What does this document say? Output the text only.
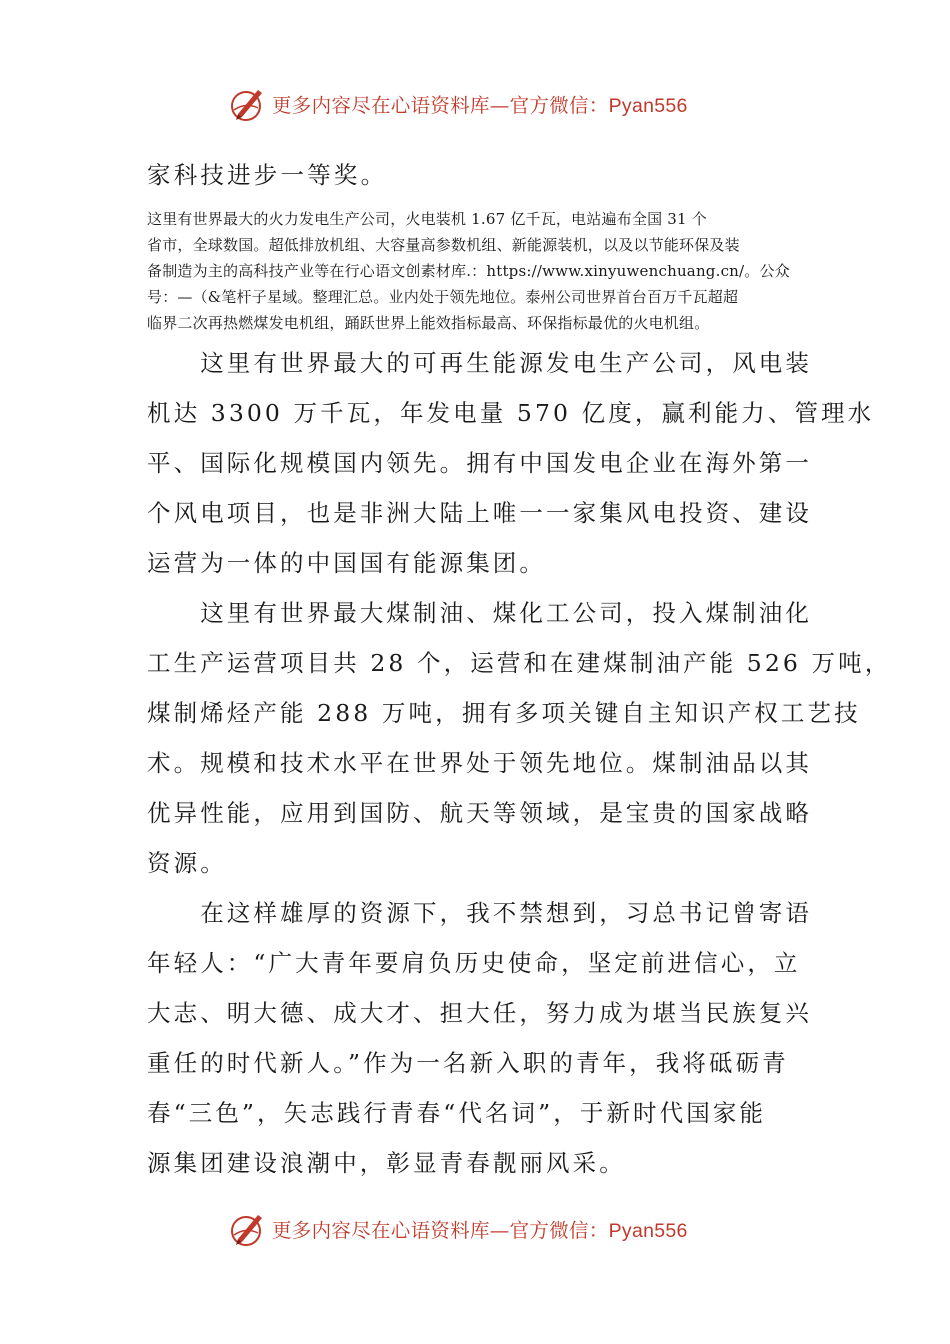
更多内容尽在心语资料库—官方微信：Pyan556

家科技进步一等奖。

这里有世界最大的火力发电生产公司，火电装机 1.67 亿千瓦，电站遍布全国 31 个
省市，全球数国。超低排放机组、大容量高参数机组、新能源装机，以及以节能环保及装
备制造为主的高科技产业等在行心语文创素材库.：https://www.xinyuwenchuang.cn/。公众
号：—（&笔杆子星域。整理汇总。业内处于领先地位。泰州公司世界首台百万千瓦超超
临界二次再热燃煤发电机组，踊跃世界上能效指标最高、环保指标最优的火电机组。

　　这里有世界最大的可再生能源发电生产公司，风电装
机达 3300 万千瓦，年发电量 570 亿度，赢利能力、管理水
平、国际化规模国内领先。拥有中国发电企业在海外第一
个风电项目，也是非洲大陆上唯一一家集风电投资、建设
运营为一体的中国国有能源集团。

　　这里有世界最大煤制油、煤化工公司，投入煤制油化
工生产运营项目共 28 个，运营和在建煤制油产能 526 万吨，
煤制烯烃产能 288 万吨，拥有多项关键自主知识产权工艺技
术。规模和技术水平在世界处于领先地位。煤制油品以其
优异性能，应用到国防、航天等领域，是宝贵的国家战略
资源。

　　在这样雄厚的资源下，我不禁想到，习总书记曾寄语
年轻人：“广大青年要肩负历史使命，坚定前进信心，立
大志、明大德、成大才、担大任，努力成为堪当民族复兴
重任的时代新人。”作为一名新入职的青年，我将砥砺青
春“三色”，矢志践行青春“代名词”，于新时代国家能
源集团建设浪潮中，彰显青春靓丽风采。

更多内容尽在心语资料库—官方微信：Pyan556
